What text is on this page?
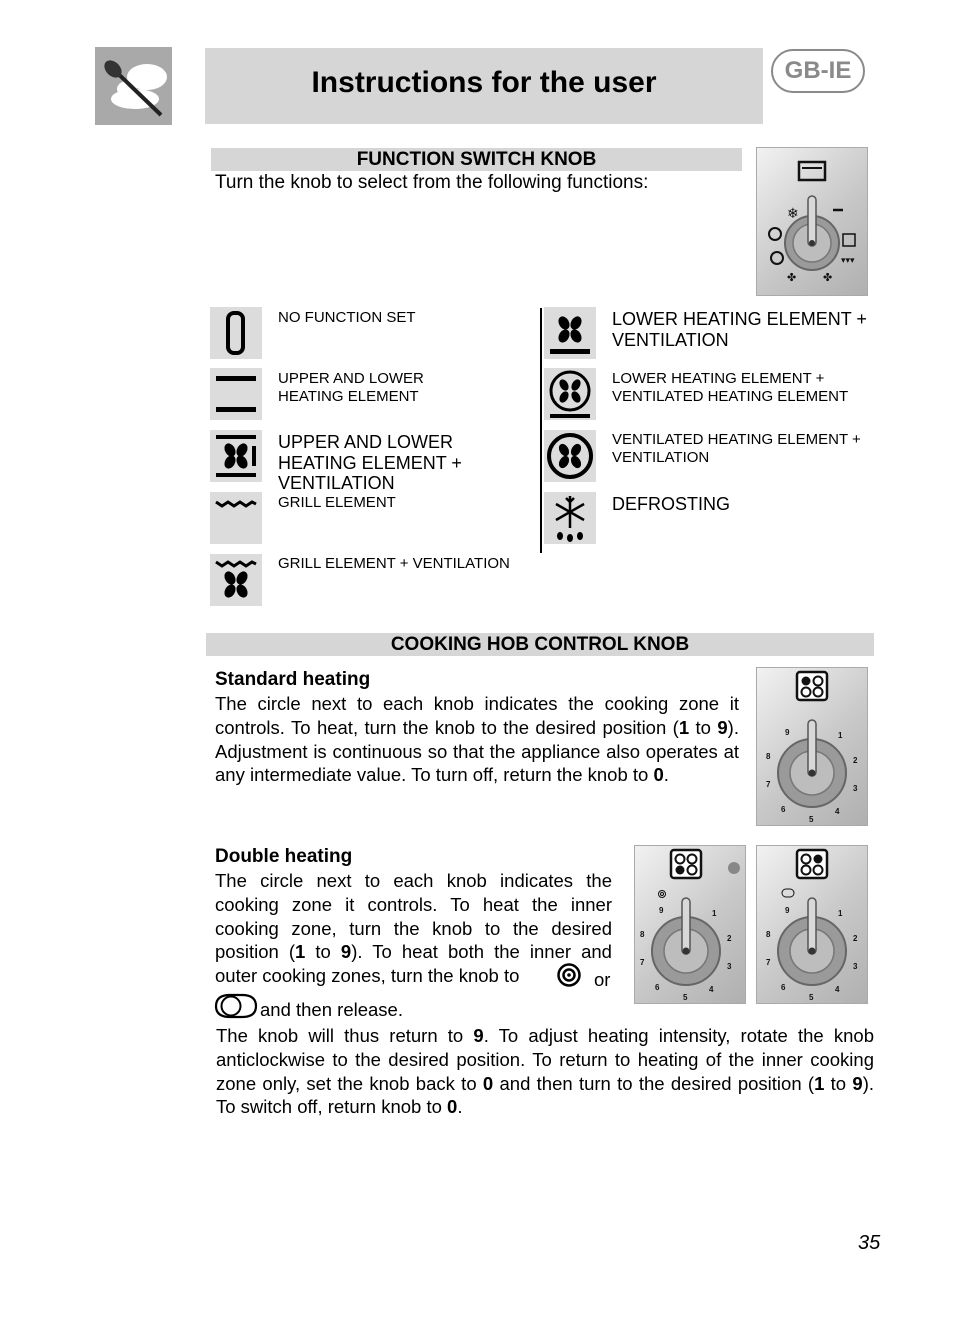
Instructions for the user	GB-IE
FUNCTION SWITCH KNOB
Turn the knob to select from the following functions:
❄
▾▾▾
✤ ✤
NO FUNCTION SET
UPPER AND LOWER HEATING ELEMENT
UPPER AND LOWER HEATING ELEMENT + VENTILATION
GRILL ELEMENT
GRILL ELEMENT + VENTILATION
LOWER HEATING ELEMENT + VENTILATION
LOWER HEATING ELEMENT + VENTILATED HEATING ELEMENT
VENTILATED HEATING ELEMENT + VENTILATION
DEFROSTING
COOKING HOB CONTROL KNOB
Standard heating
The circle next to each knob indicates the cooking zone it controls. To heat, turn the knob to the desired position (1 to 9). Adjustment is continuous so that the appliance also operates at any intermediate value. To turn off, return the knob to 0.
9	1
8	2
7	3
6	4
5
Double heating
The circle next to each knob indicates the cooking zone it controls. To heat the inner cooking zone, turn the knob to the desired position (1 to 9). To heat both the inner and outer cooking zones, turn the knob to	or
and then release.
The knob will thus return to 9. To adjust heating intensity, rotate the knob anticlockwise to the desired position. To return to heating of the inner cooking zone only, set the knob back to 0 and then turn to the desired position (1 to 9). To switch off, return knob to 0.
9	1
8	2
7	3
6	4
5
9	1
8	2
7	3
6	4
5
35
